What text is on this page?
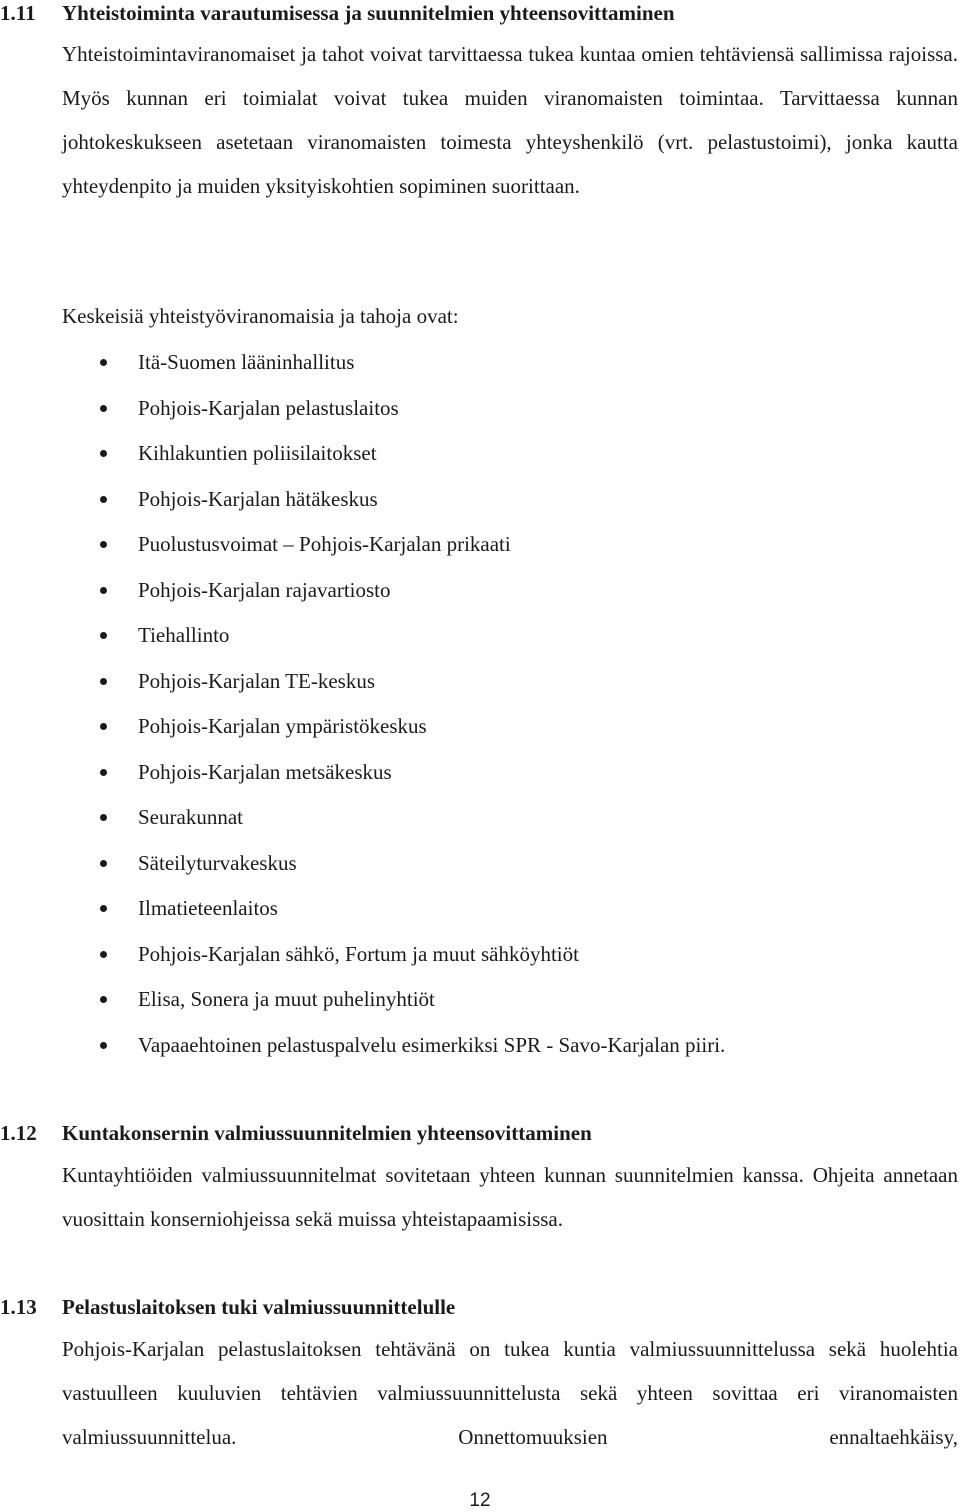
1.11 Yhteistoiminta varautumisessa ja suunnitelmien yhteensovittaminen
Yhteistoimintaviranomaiset ja tahot voivat tarvittaessa tukea kuntaa omien tehtäviensä sallimissa rajoissa. Myös kunnan eri toimialat voivat tukea muiden viranomaisten toimintaa. Tarvittaessa kunnan johtokeskukseen asetetaan viranomaisten toimesta yhteyshenkilö (vrt. pelastustoimi), jonka kautta yhteydenpito ja muiden yksityiskohtien sopiminen suorittaan.
Keskeisiä yhteistyöviranomaisia ja tahoja ovat:
Itä-Suomen lääninhallitus
Pohjois-Karjalan pelastuslaitos
Kihlakuntien poliisilaitokset
Pohjois-Karjalan hätäkeskus
Puolustusvoimat – Pohjois-Karjalan prikaati
Pohjois-Karjalan rajavartiosto
Tiehallinto
Pohjois-Karjalan TE-keskus
Pohjois-Karjalan ympäristökeskus
Pohjois-Karjalan metsäkeskus
Seurakunnat
Säteilyturvakeskus
Ilmatieteenlaitos
Pohjois-Karjalan sähkö, Fortum ja muut sähköyhtiöt
Elisa, Sonera ja muut puhelinyhtiöt
Vapaaehtoinen pelastuspalvelu esimerkiksi SPR - Savo-Karjalan piiri.
1.12 Kuntakonsernin valmiussuunnitelmien yhteensovittaminen
Kuntayhtiöiden valmiussuunnitelmat sovitetaan yhteen kunnan suunnitelmien kanssa. Ohjeita annetaan vuosittain konserniohjeissa sekä muissa yhteistapaamisissa.
1.13 Pelastuslaitoksen tuki valmiussuunnittelulle
Pohjois-Karjalan pelastuslaitoksen tehtävänä on tukea kuntia valmiussuunnittelussa sekä huolehtia vastuulleen kuuluvien tehtävien valmiussuunnittelusta sekä yhteen sovittaa eri viranomaisten valmiussuunnittelua. Onnettomuuksien ennaltaehkäisy,
12
